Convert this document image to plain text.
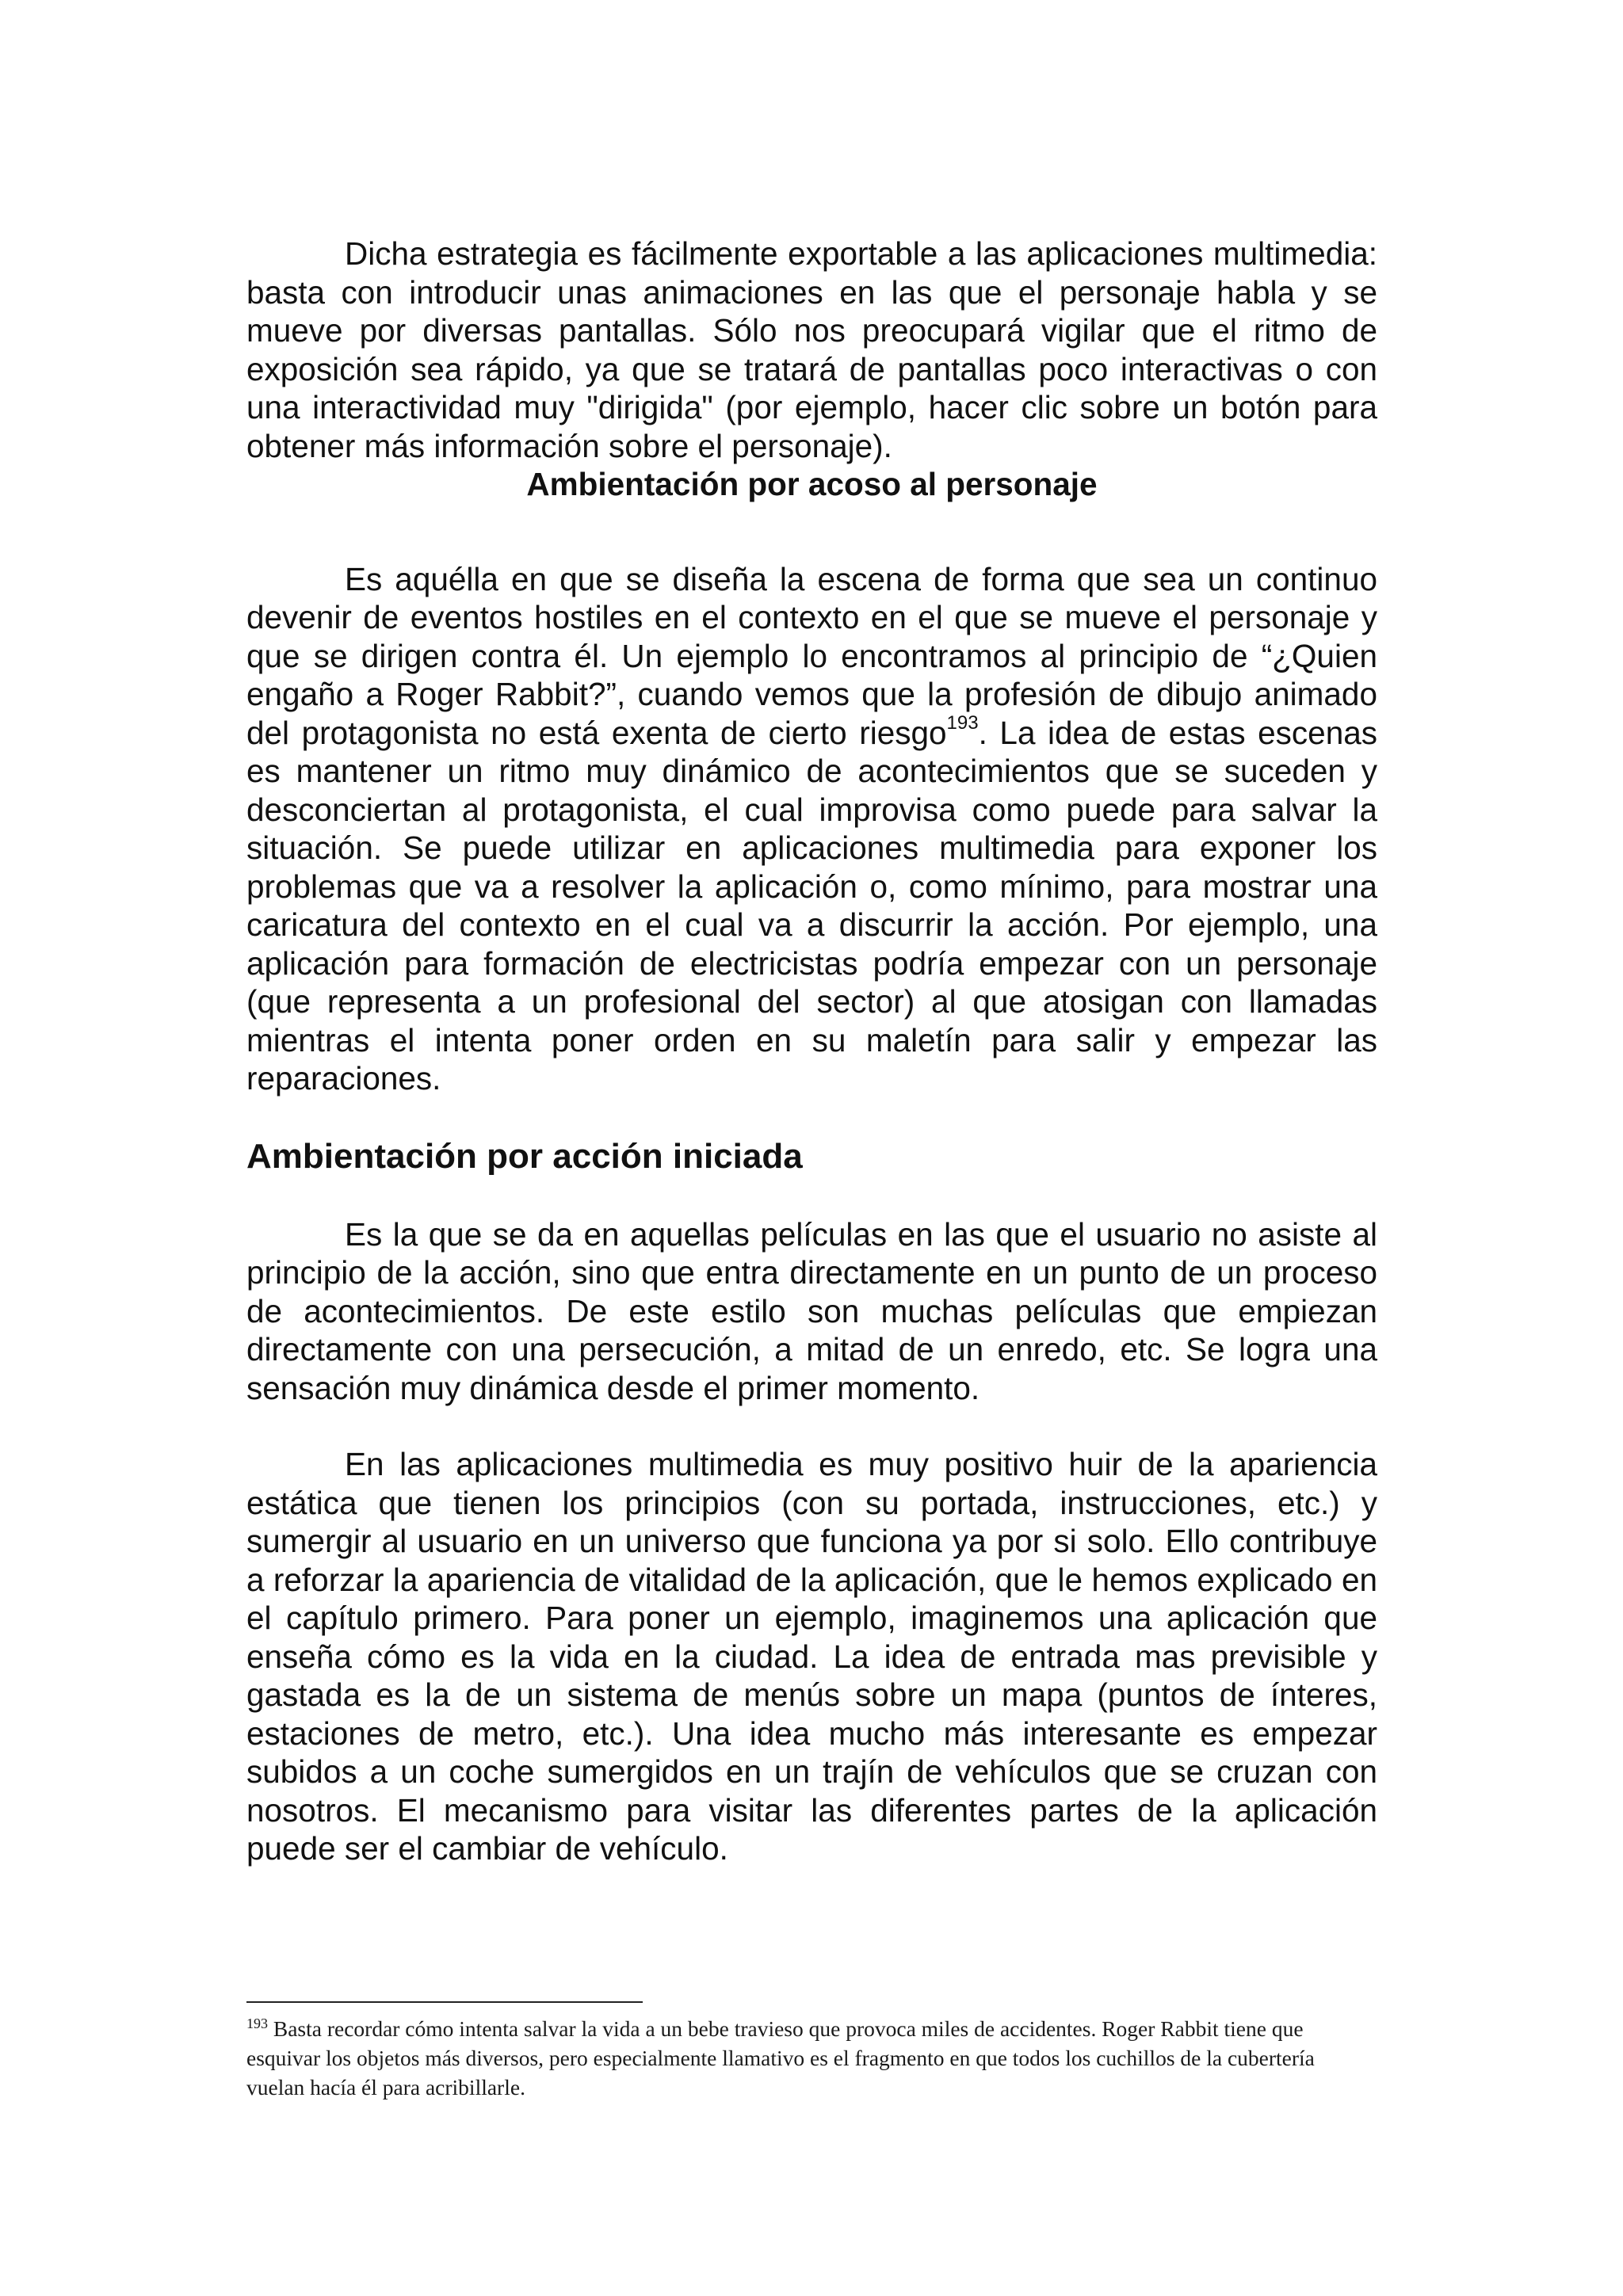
Dicha estrategia es fácilmente exportable a las aplicaciones multimedia: basta con introducir unas animaciones en las que el personaje habla y se mueve por diversas pantallas. Sólo nos preocupará vigilar que el ritmo de exposición sea rápido, ya que se tratará de pantallas poco interactivas o con una interactividad muy "dirigida" (por ejemplo, hacer clic sobre un botón para obtener más información sobre el personaje).

Ambientación por acoso al personaje

Es aquélla en que se diseña la escena de forma que sea un continuo devenir de eventos hostiles en el contexto en el que se mueve el personaje y que se dirigen contra él. Un ejemplo lo encontramos al principio de “¿Quien engaño a Roger Rabbit?”, cuando vemos que la profesión de dibujo animado del protagonista no está exenta de cierto riesgo$^{193}$. La idea de estas escenas es mantener un ritmo muy dinámico de acontecimientos que se suceden y desconciertan al protagonista, el cual improvisa como puede para salvar la situación. Se puede utilizar en aplicaciones multimedia para exponer los problemas que va a resolver la aplicación o, como mínimo, para mostrar una caricatura del contexto en el cual va a discurrir la acción. Por ejemplo, una aplicación para formación de electricistas podría empezar con un personaje (que representa a un profesional del sector) al que atosigan con llamadas mientras el intenta poner orden en su maletín para salir y empezar las reparaciones.

Ambientación por acción iniciada

Es la que se da en aquellas películas en las que el usuario no asiste al principio de la acción, sino que entra directamente en un punto de un proceso de acontecimientos. De este estilo son muchas películas que empiezan directamente con una persecución, a mitad de un enredo, etc. Se logra una sensación muy dinámica desde el primer momento.

En las aplicaciones multimedia es muy positivo huir de la apariencia estática que tienen los principios (con su portada, instrucciones, etc.) y sumergir al usuario en un universo que funciona ya por si solo. Ello contribuye a reforzar la apariencia de vitalidad de la aplicación, que le hemos explicado en el capítulo primero. Para poner un ejemplo, imaginemos una aplicación que enseña cómo es la vida en la ciudad. La idea de entrada mas previsible y gastada es la de un sistema de menús sobre un mapa (puntos de ínteres, estaciones de metro, etc.). Una idea mucho más interesante es empezar subidos a un coche sumergidos en un trajín de vehículos que se cruzan con nosotros. El mecanismo para visitar las diferentes partes de la aplicación puede ser el cambiar de vehículo.

$^{193}$ Basta recordar cómo intenta salvar la vida a un bebe travieso que provoca miles de accidentes. Roger Rabbit tiene que esquivar los objetos más diversos, pero especialmente llamativo es el fragmento en que todos los cuchillos de la cubertería vuelan hacía él para acribillarle.
